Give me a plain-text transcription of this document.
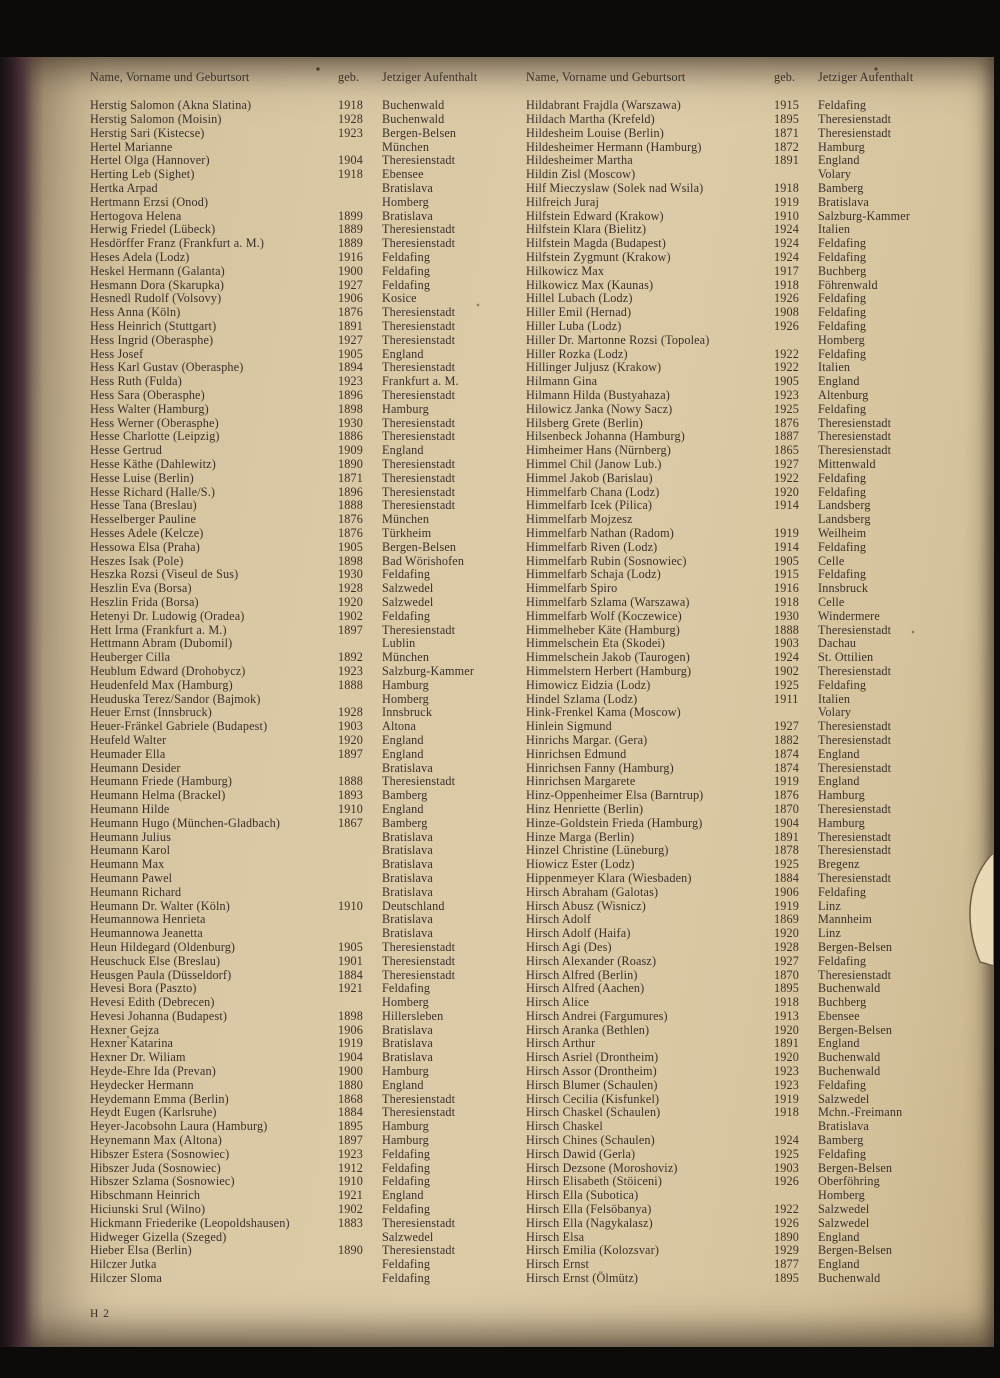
Name, Vorname und Geburtsort	geb.	Jetziger Aufenthalt
Herstig Salomon (Akna Slatina)	1918	Buchenwald
Herstig Salomon (Moisin)	1928	Buchenwald
Herstig Sari (Kistecse)	1923	Bergen-Belsen
Hertel Marianne	München
Hertel Olga (Hannover)	1904	Theresienstadt
Herting Leb (Sighet)	1918	Ebensee
Hertka Arpad	Bratislava
Hertmann Erzsi (Onod)	Homberg
Hertogova Helena	1899	Bratislava
Herwig Friedel (Lübeck)	1889	Theresienstadt
Hesdörffer Franz (Frankfurt a. M.)	1889	Theresienstadt
Heses Adela (Lodz)	1916	Feldafing
Heskel Hermann (Galanta)	1900	Feldafing
Hesmann Dora (Skarupka)	1927	Feldafing
Hesnedl Rudolf (Volsovy)	1906	Kosice
Hess Anna (Köln)	1876	Theresienstadt
Hess Heinrich (Stuttgart)	1891	Theresienstadt
Hess Ingrid (Oberasphe)	1927	Theresienstadt
Hess Josef	1905	England
Hess Karl Gustav (Oberasphe)	1894	Theresienstadt
Hess Ruth (Fulda)	1923	Frankfurt a. M.
Hess Sara (Oberasphe)	1896	Theresienstadt
Hess Walter (Hamburg)	1898	Hamburg
Hess Werner (Oberasphe)	1930	Theresienstadt
Hesse Charlotte (Leipzig)	1886	Theresienstadt
Hesse Gertrud	1909	England
Hesse Käthe (Dahlewitz)	1890	Theresienstadt
Hesse Luise (Berlin)	1871	Theresienstadt
Hesse Richard (Halle/S.)	1896	Theresienstadt
Hesse Tana (Breslau)	1888	Theresienstadt
Hesselberger Pauline	1876	München
Hesses Adele (Kelcze)	1876	Türkheim
Hessowa Elsa (Praha)	1905	Bergen-Belsen
Heszes Isak (Pole)	1898	Bad Wörishofen
Heszka Rozsi (Viseul de Sus)	1930	Feldafing
Heszlin Eva (Borsa)	1928	Salzwedel
Heszlin Frida (Borsa)	1920	Salzwedel
Hetenyi Dr. Ludowig (Oradea)	1902	Feldafing
Hett Irma (Frankfurt a. M.)	1897	Theresienstadt
Hettmann Abram (Dubomil)	Lublin
Heuberger Cilla	1892	München
Heublum Edward (Drohobycz)	1923	Salzburg-Kammer
Heudenfeld Max (Hamburg)	1888	Hamburg
Heuduska Terez/Sandor (Bajmok)	Homberg
Heuer Ernst (Innsbruck)	1928	Innsbruck
Heuer-Fränkel Gabriele (Budapest)	1903	Altona
Heufeld Walter	1920	England
Heumader Ella	1897	England
Heumann Desider	Bratislava
Heumann Friede (Hamburg)	1888	Theresienstadt
Heumann Helma (Brackel)	1893	Bamberg
Heumann Hilde	1910	England
Heumann Hugo (München-Gladbach)	1867	Bamberg
Heumann Julius	Bratislava
Heumann Karol	Bratislava
Heumann Max	Bratislava
Heumann Pawel	Bratislava
Heumann Richard	Bratislava
Heumann Dr. Walter (Köln)	1910	Deutschland
Heumannowa Henrieta	Bratislava
Heumannowa Jeanetta	Bratislava
Heun Hildegard (Oldenburg)	1905	Theresienstadt
Heuschuck Else (Breslau)	1901	Theresienstadt
Heusgen Paula (Düsseldorf)	1884	Theresienstadt
Hevesi Bora (Paszto)	1921	Feldafing
Hevesi Edith (Debrecen)	Homberg
Hevesi Johanna (Budapest)	1898	Hillersleben
Hexner Gejza	1906	Bratislava
Hexner Katarina	1919	Bratislava
Hexner Dr. Wiliam	1904	Bratislava
Heyde-Ehre Ida (Prevan)	1900	Hamburg
Heydecker Hermann	1880	England
Heydemann Emma (Berlin)	1868	Theresienstadt
Heydt Eugen (Karlsruhe)	1884	Theresienstadt
Heyer-Jacobsohn Laura (Hamburg)	1895	Hamburg
Heynemann Max (Altona)	1897	Hamburg
Hibszer Estera (Sosnowiec)	1923	Feldafing
Hibszer Juda (Sosnowiec)	1912	Feldafing
Hibszer Szlama (Sosnowiec)	1910	Feldafing
Hibschmann Heinrich	1921	England
Hiciunski Srul (Wilno)	1902	Feldafing
Hickmann Friederike (Leopoldshausen)	1883	Theresienstadt
Hidweger Gizella (Szeged)	Salzwedel
Hieber Elsa (Berlin)	1890	Theresienstadt
Hilczer Jutka	Feldafing
Hilczer Sloma	Feldafing
Name, Vorname und Geburtsort	geb.	Jetziger Aufenthalt
Hildabrant Frajdla (Warszawa)	1915	Feldafing
Hildach Martha (Krefeld)	1895	Theresienstadt
Hildesheim Louise (Berlin)	1871	Theresienstadt
Hildesheimer Hermann (Hamburg)	1872	Hamburg
Hildesheimer Martha	1891	England
Hildin Zisl (Moscow)	Volary
Hilf Mieczyslaw (Solek nad Wsila)	1918	Bamberg
Hilfreich Juraj	1919	Bratislava
Hilfstein Edward (Krakow)	1910	Salzburg-Kammer
Hilfstein Klara (Bielitz)	1924	Italien
Hilfstein Magda (Budapest)	1924	Feldafing
Hilfstein Zygmunt (Krakow)	1924	Feldafing
Hilkowicz Max	1917	Buchberg
Hilkowicz Max (Kaunas)	1918	Föhrenwald
Hillel Lubach (Lodz)	1926	Feldafing
Hiller Emil (Hernad)	1908	Feldafing
Hiller Luba (Lodz)	1926	Feldafing
Hiller Dr. Martonne Rozsi (Topolea)	Homberg
Hiller Rozka (Lodz)	1922	Feldafing
Hillinger Juljusz (Krakow)	1922	Italien
Hilmann Gina	1905	England
Hilmann Hilda (Bustyahaza)	1923	Altenburg
Hilowicz Janka (Nowy Sacz)	1925	Feldafing
Hilsberg Grete (Berlin)	1876	Theresienstadt
Hilsenbeck Johanna (Hamburg)	1887	Theresienstadt
Himheimer Hans (Nürnberg)	1865	Theresienstadt
Himmel Chil (Janow Lub.)	1927	Mittenwald
Himmel Jakob (Barislau)	1922	Feldafing
Himmelfarb Chana (Lodz)	1920	Feldafing
Himmelfarb Icek (Pilica)	1914	Landsberg
Himmelfarb Mojzesz	Landsberg
Himmelfarb Nathan (Radom)	1919	Weilheim
Himmelfarb Riven (Lodz)	1914	Feldafing
Himmelfarb Rubin (Sosnowiec)	1905	Celle
Himmelfarb Schaja (Lodz)	1915	Feldafing
Himmelfarb Spiro	1916	Innsbruck
Himmelfarb Szlama (Warszawa)	1918	Celle
Himmelfarb Wolf (Koczewice)	1930	Windermere
Himmelheber Käte (Hamburg)	1888	Theresienstadt
Himmelschein Eta (Skodei)	1903	Dachau
Himmelschein Jakob (Taurogen)	1924	St. Ottilien
Himmelstern Herbert (Hamburg)	1902	Theresienstadt
Himowicz Eidzia (Lodz)	1925	Feldafing
Hindel Szlama (Lodz)	1911	Italien
Hink-Frenkel Kama (Moscow)	Volary
Hinlein Sigmund	1927	Theresienstadt
Hinrichs Margar. (Gera)	1882	Theresienstadt
Hinrichsen Edmund	1874	England
Hinrichsen Fanny (Hamburg)	1874	Theresienstadt
Hinrichsen Margarete	1919	England
Hinz-Oppenheimer Elsa (Barntrup)	1876	Hamburg
Hinz Henriette (Berlin)	1870	Theresienstadt
Hinze-Goldstein Frieda (Hamburg)	1904	Hamburg
Hinze Marga (Berlin)	1891	Theresienstadt
Hinzel Christine (Lüneburg)	1878	Theresienstadt
Hiowicz Ester (Lodz)	1925	Bregenz
Hippenmeyer Klara (Wiesbaden)	1884	Theresienstadt
Hirsch Abraham (Galotas)	1906	Feldafing
Hirsch Abusz (Wisnicz)	1919	Linz
Hirsch Adolf	1869	Mannheim
Hirsch Adolf (Haifa)	1920	Linz
Hirsch Agi (Des)	1928	Bergen-Belsen
Hirsch Alexander (Roasz)	1927	Feldafing
Hirsch Alfred (Berlin)	1870	Theresienstadt
Hirsch Alfred (Aachen)	1895	Buchenwald
Hirsch Alice	1918	Buchberg
Hirsch Andrei (Fargumures)	1913	Ebensee
Hirsch Aranka (Bethlen)	1920	Bergen-Belsen
Hirsch Arthur	1891	England
Hirsch Asriel (Drontheim)	1920	Buchenwald
Hirsch Assor (Drontheim)	1923	Buchenwald
Hirsch Blumer (Schaulen)	1923	Feldafing
Hirsch Cecilia (Kisfunkel)	1919	Salzwedel
Hirsch Chaskel (Schaulen)	1918	Mchn.-Freimann
Hirsch Chaskel	Bratislava
Hirsch Chines (Schaulen)	1924	Bamberg
Hirsch Dawid (Gerla)	1925	Feldafing
Hirsch Dezsone (Moroshoviz)	1903	Bergen-Belsen
Hirsch Elisabeth (Stöiceni)	1926	Oberföhring
Hirsch Ella (Subotica)	Homberg
Hirsch Ella (Felsöbanya)	1922	Salzwedel
Hirsch Ella (Nagykalasz)	1926	Salzwedel
Hirsch Elsa	1890	England
Hirsch Emilia (Kolozsvar)	1929	Bergen-Belsen
Hirsch Ernst	1877	England
Hirsch Ernst (Ölmütz)	1895	Buchenwald
H 2
